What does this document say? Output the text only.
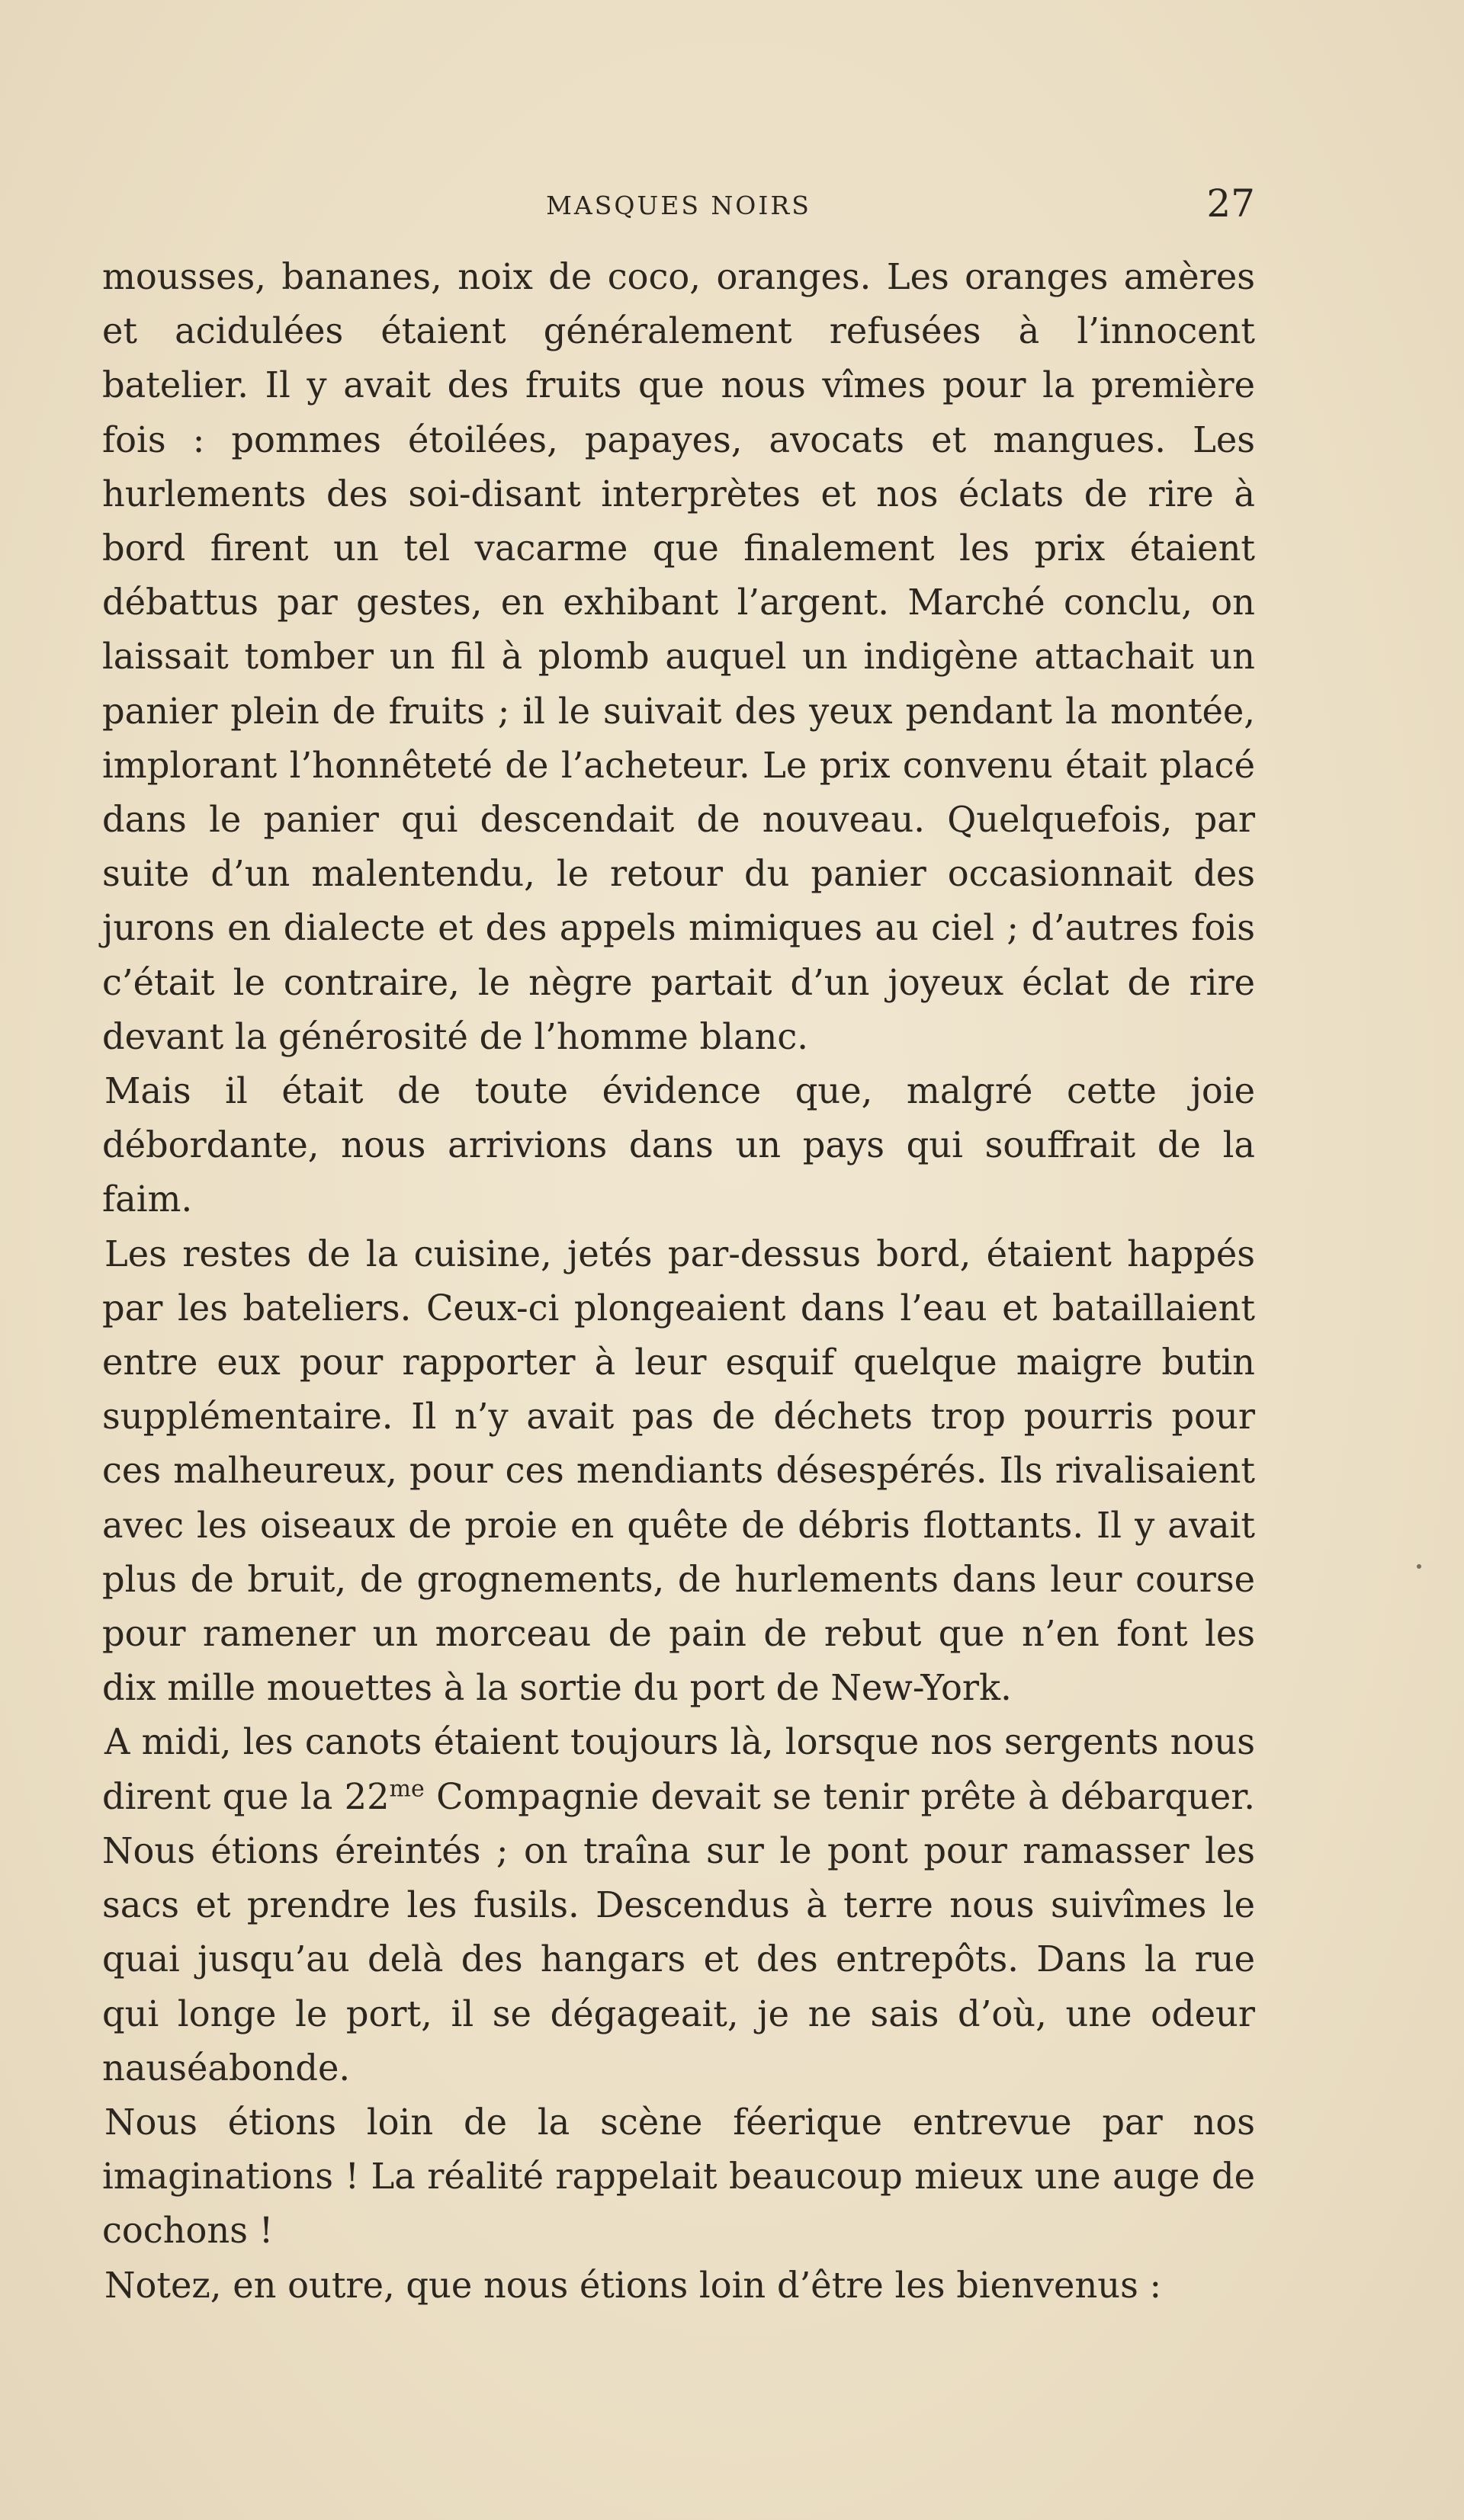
MASQUES NOIRS	27

mousses, bananes, noix de coco, oranges. Les oranges amères et acidulées étaient généralement refusées à l’innocent batelier. Il y avait des fruits que nous vîmes pour la première fois : pommes étoilées, papayes, avocats et mangues. Les hurlements des soi-disant interprètes et nos éclats de rire à bord firent un tel vacarme que finalement les prix étaient débattus par gestes, en exhibant l’argent. Marché conclu, on laissait tomber un fil à plomb auquel un indigène attachait un panier plein de fruits ; il le suivait des yeux pendant la montée, implorant l’honnêteté de l’acheteur. Le prix convenu était placé dans le panier qui descendait de nouveau. Quelquefois, par suite d’un malentendu, le retour du panier occasionnait des jurons en dialecte et des appels mimiques au ciel ; d’autres fois c’était le contraire, le nègre partait d’un joyeux éclat de rire devant la générosité de l’homme blanc.

Mais il était de toute évidence que, malgré cette joie débordante, nous arrivions dans un pays qui souffrait de la faim.

Les restes de la cuisine, jetés par-dessus bord, étaient happés par les bateliers. Ceux-ci plongeaient dans l’eau et bataillaient entre eux pour rapporter à leur esquif quelque maigre butin supplémentaire. Il n’y avait pas de déchets trop pourris pour ces malheureux, pour ces mendiants désespérés. Ils rivalisaient avec les oiseaux de proie en quête de débris flottants. Il y avait plus de bruit, de grognements, de hurlements dans leur course pour ramener un morceau de pain de rebut que n’en font les dix mille mouettes à la sortie du port de New-York.

A midi, les canots étaient toujours là, lorsque nos sergents nous dirent que la $22^{me}$ Compagnie devait se tenir prête à débarquer. Nous étions éreintés ; on traîna sur le pont pour ramasser les sacs et prendre les fusils. Descendus à terre nous suivîmes le quai jusqu’au delà des hangars et des entrepôts. Dans la rue qui longe le port, il se dégageait, je ne sais d’où, une odeur nauséabonde.

Nous étions loin de la scène féerique entrevue par nos imaginations ! La réalité rappelait beaucoup mieux une auge de cochons !

Notez, en outre, que nous étions loin d’être les bienvenus :
